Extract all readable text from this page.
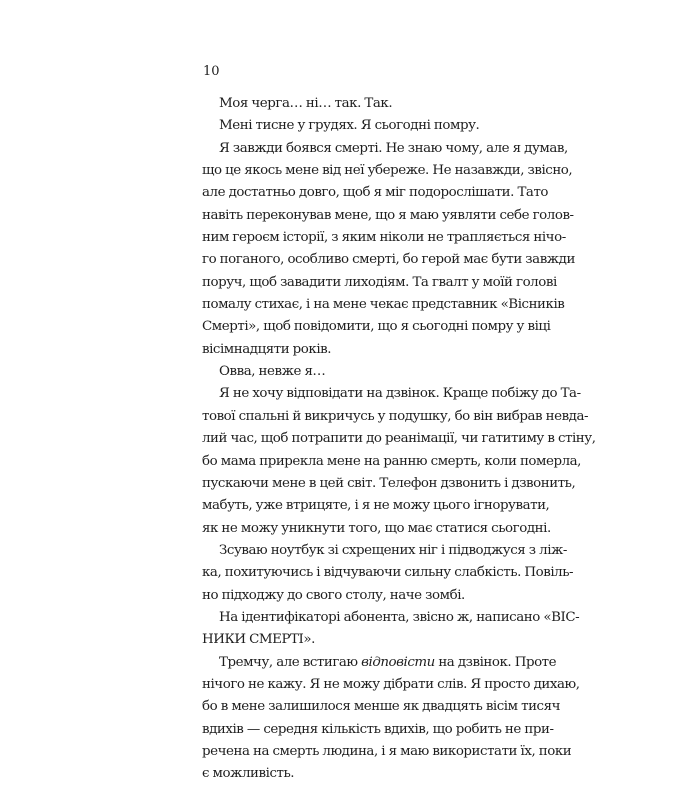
10

Моя черга… ні… так. Так.

Мені тисне у грудях. Я сьогодні помру.

Я завжди боявся смерті. Не знаю чому, але я думав,
що це якось мене від неї убереже. Не назавжди, звісно,
але достатньо довго, щоб я міг подорослішати. Тато
навіть переконував мене, що я маю уявляти себе голов-
ним героєм історії, з яким ніколи не трапляється нічо-
го поганого, особливо смерті, бо герой має бути завжди
поруч, щоб завадити лиходіям. Та гвалт у моїй голові
помалу стихає, і на мене чекає представник «Вісників
Смерті», щоб повідомити, що я сьогодні помру у віці
вісімнадцяти років.

Овва, невже я…

Я не хочу відповідати на дзвінок. Краще побіжу до Та-
тової спальні й викричусь у подушку, бо він вибрав невда-
лий час, щоб потрапити до реанімації, чи гатитиму в стіну,
бо мама прирекла мене на ранню смерть, коли померла,
пускаючи мене в цей світ. Телефон дзвонить і дзвонить,
мабуть, уже втрицяте, і я не можу цього ігнорувати,
як не можу уникнути того, що має статися сьогодні.

Зсуваю ноутбук зі схрещених ніг і підводжуся з ліж-
ка, похитуючись і відчуваючи сильну слабкість. Повіль-
но підходжу до свого столу, наче зомбі.

На ідентифікаторі абонента, звісно ж, написано «ВІС-
НИКИ СМЕРТІ».

Тремчу, але встигаю відповісти на дзвінок. Проте
нічого не кажу. Я не можу дібрати слів. Я просто дихаю,
бо в мене залишилося менше як двадцять вісім тисяч
вдихів — середня кількість вдихів, що робить не при-
речена на смерть людина, і я маю використати їх, поки
є можливість.
